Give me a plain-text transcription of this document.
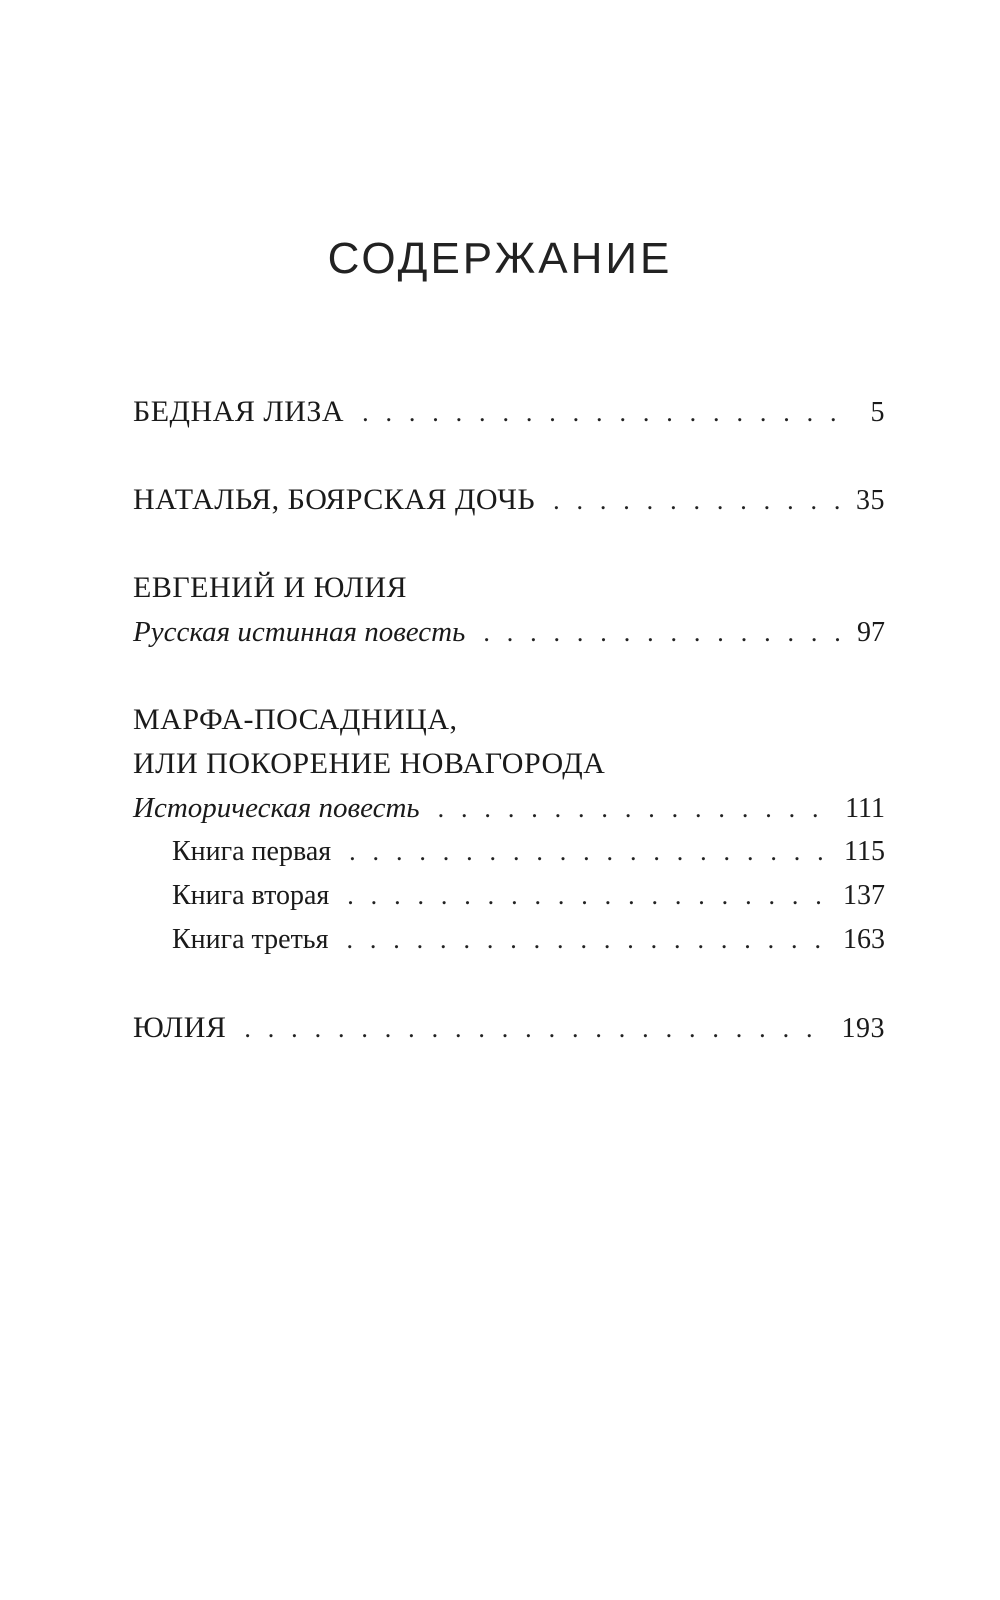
СОДЕРЖАНИЕ
БЕДНАЯ ЛИЗА . . .	5
НАТАЛЬЯ, БОЯРСКАЯ ДОЧЬ . . .	35
ЕВГЕНИЙ И ЮЛИЯ
Русская истинная повесть . . .	97
МАРФА-ПОСАДНИЦА,
ИЛИ ПОКОРЕНИЕ НОВАГОРОДА
Историческая повесть . . .	111
Книга первая . . .	115
Книга вторая . . .	137
Книга третья . . .	163
ЮЛИЯ . . .	193
